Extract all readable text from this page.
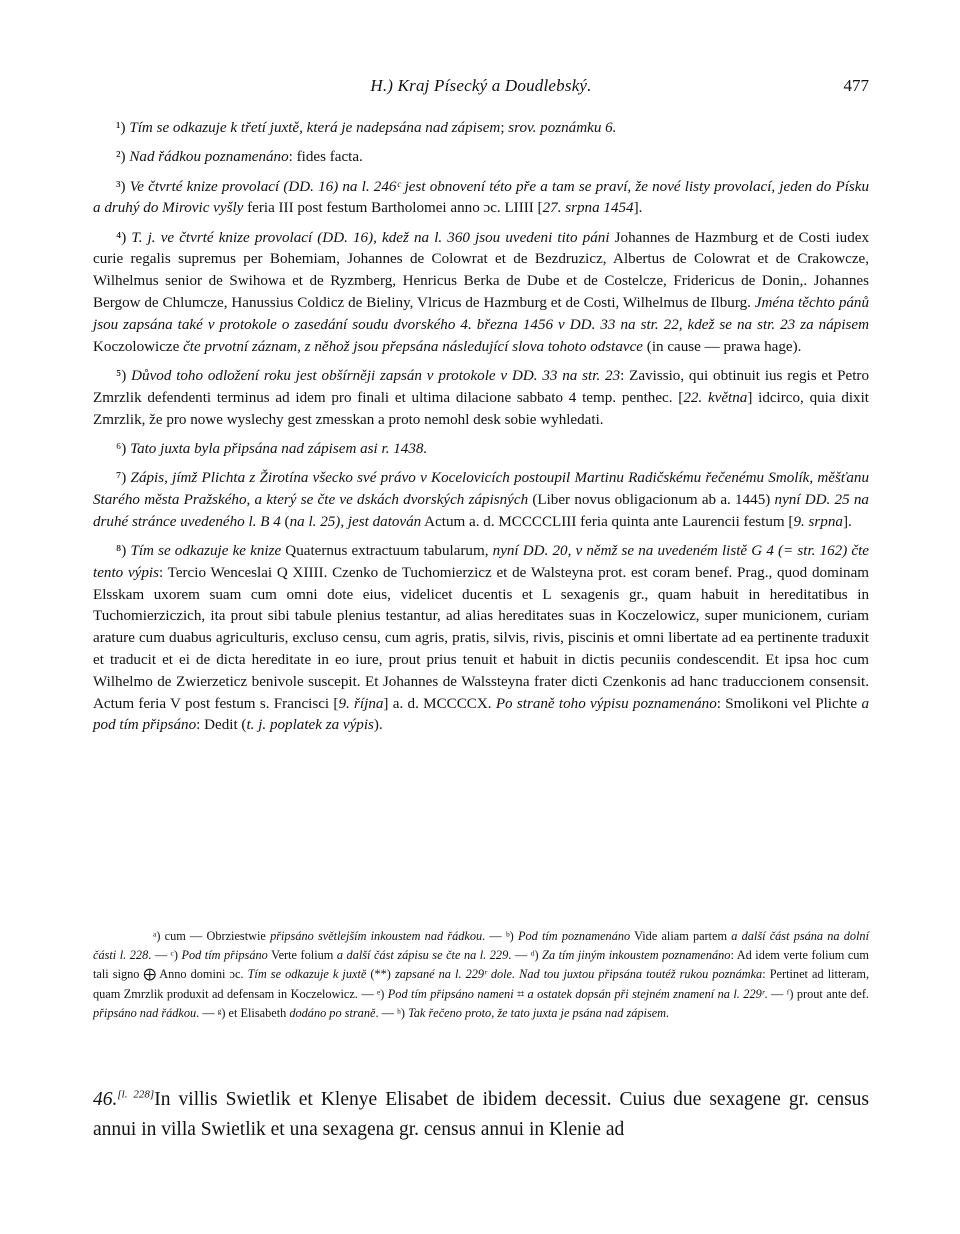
H.) Kraj Písecký a Doudlebský.	477

¹) Tím se odkazuje k třetí juxtě, která je nadepsána nad zápisem; srov. poznámku 6.

²) Nad řádkou poznamenáno: fides facta.

³) Ve čtvrté knize provolací (DD. 16) na l. 246ᶜ jest obnovení této pře a tam se praví, že nové listy provolací, jeden do Písku a druhý do Mirovic vyšly feria III post festum Bartholomei anno ɔc. LIIII [27. srpna 1454].

⁴) T. j. ve čtvrté knize provolací (DD. 16), kdež na l. 360 jsou uvedeni tito páni Johannes de Hazmburg et de Costi iudex curie regalis supremus per Bohemiam, Johannes de Colowrat et de Bezdruzicz, Albertus de Colowrat et de Crakowcze, Wilhelmus senior de Swihowa et de Ryzmberg, Henricus Berka de Dube et de Costelcze, Fridericus de Donin,. Johannes Bergow de Chlumcze, Hanussius Coldicz de Bieliny, Vlricus de Hazmburg et de Costi, Wilhelmus de Ilburg. Jména těchto pánů jsou zapsána také v protokole o zasedání soudu dvorského 4. března 1456 v DD. 33 na str. 22, kdež se na str. 23 za nápisem Koczolowicze čte prvotní záznam, z něhož jsou přepsána následující slova tohoto odstavce (in cause — prawa hage).

⁵) Důvod toho odložení roku jest obšírněji zapsán v protokole v DD. 33 na str. 23: Zavissio, qui obtinuit ius regis et Petro Zmrzlik defendenti terminus ad idem pro finali et ultima dilacione sabbato 4 temp. penthec. [22. května] idcirco, quia dixit Zmrzlik, že pro nowe wyslechy gest zmesskan a proto nemohl desk sobie wyhledati.

⁶) Tato juxta byla připsána nad zápisem asi r. 1438.

⁷) Zápis, jímž Plichta z Žirotína všecko své právo v Kocelovicích postoupil Martinu Radičskému řečenému Smolík, měšťanu Starého města Pražského, a který se čte ve dskách dvorských zápisných (Liber novus obligacionum ab a. 1445) nyní DD. 25 na druhé stránce uvedeného l. B 4 (na l. 25), jest datován Actum a. d. MCCCCLIII feria quinta ante Laurencii festum [9. srpna].

⁸) Tím se odkazuje ke knize Quaternus extractuum tabularum, nyní DD. 20, v němž se na uvedeném listě G 4 (= str. 162) čte tento výpis: Tercio Wenceslai Q XIIII. Czenko de Tuchomierzicz et de Walsteyna prot. est coram benef. Prag., quod dominam Elsskam uxorem suam cum omni dote eius, videlicet ducentis et L sexagenis gr., quam habuit in hereditatibus in Tuchomierziczich, ita prout sibi tabule plenius testantur, ad alias hereditates suas in Koczelowicz, super municionem, curiam arature cum duabus agriculturis, excluso censu, cum agris, pratis, silvis, rivis, piscinis et omni libertate ad ea pertinente traduxit et traducit et ei de dicta hereditate in eo iure, prout prius tenuit et habuit in dictis pecuniis condescendit. Et ipsa hoc cum Wilhelmo de Zwierzeticz benivole suscepit. Et Johannes de Walssteyna frater dicti Czenkonis ad hanc traduccionem consensit. Actum feria V post festum s. Francisci [9. října] a. d. MCCCCX. Po straně toho výpisu poznamenáno: Smolikoni vel Plichte a pod tím připsáno: Dedit (t. j. poplatek za výpis).

ᵃ) cum — Obrziestwie připsáno světlejším inkoustem nad řádkou. — ᵇ) Pod tím poznamenáno Vide aliam partem a další část psána na dolní části l. 228. — ᶜ) Pod tím připsáno Verte folium a další část zápisu se čte na l. 229. — ᵈ) Za tím jiným inkoustem poznamenáno: Ad idem verte folium cum tali signo ⨁ Anno domini ɔc. Tím se odkazuje k juxtě (**) zapsané na l. 229ʳ dole. Nad tou juxtou připsána toutéž rukou poznámka: Pertinet ad litteram, quam Zmrzlik produxit ad defensam in Koczelowicz. — ᵉ) Pod tím připsáno nameni ⌗ a ostatek dopsán při stejném znamení na l. 229ʳ. — ᶠ) prout ante def. připsáno nad řádkou. — ᵍ) et Elisabeth dodáno po straně. — ʰ) Tak řečeno proto, že tato juxta je psána nad zápisem.

46.[l. 228]In villis Swietlik et Klenye Elisabet de ibidem decessit. Cuius due sexagene gr. census annui in villa Swietlik et una sexagena gr. census annui in Klenie ad
